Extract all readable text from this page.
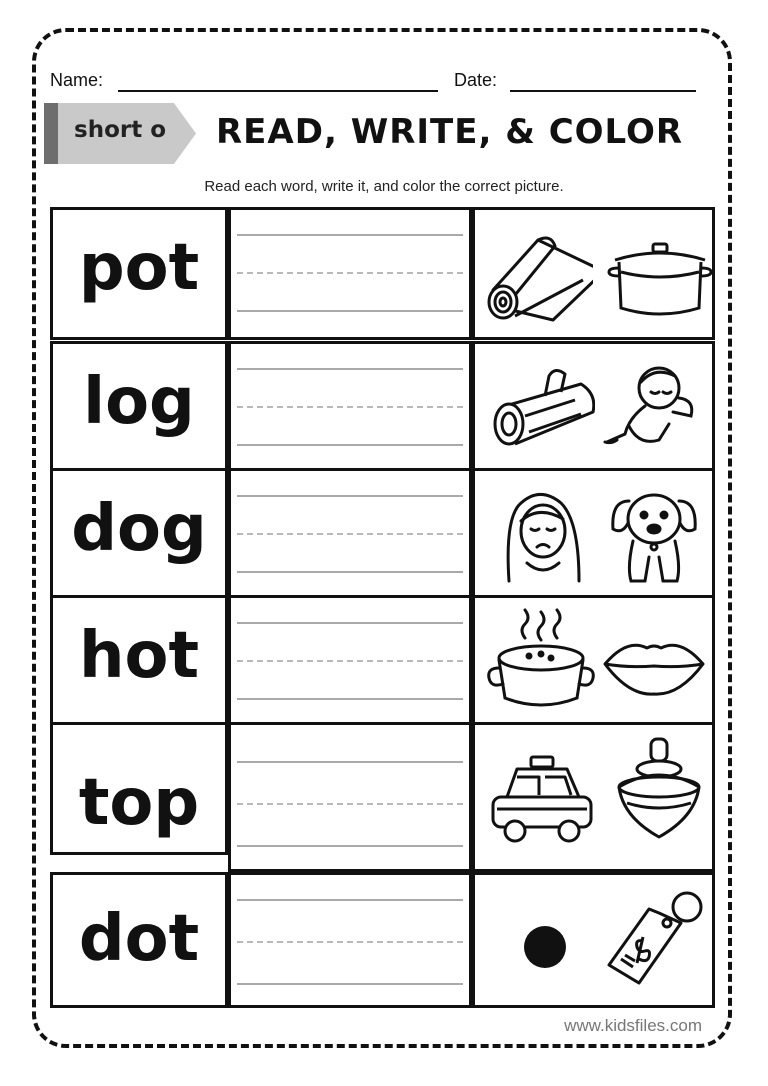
Name:	Date:
short o READ, WRITE, & COLOR
Read each word, write it, and color the correct picture.
pot
log
dog
hot
top
dot
www.kidsfiles.com
